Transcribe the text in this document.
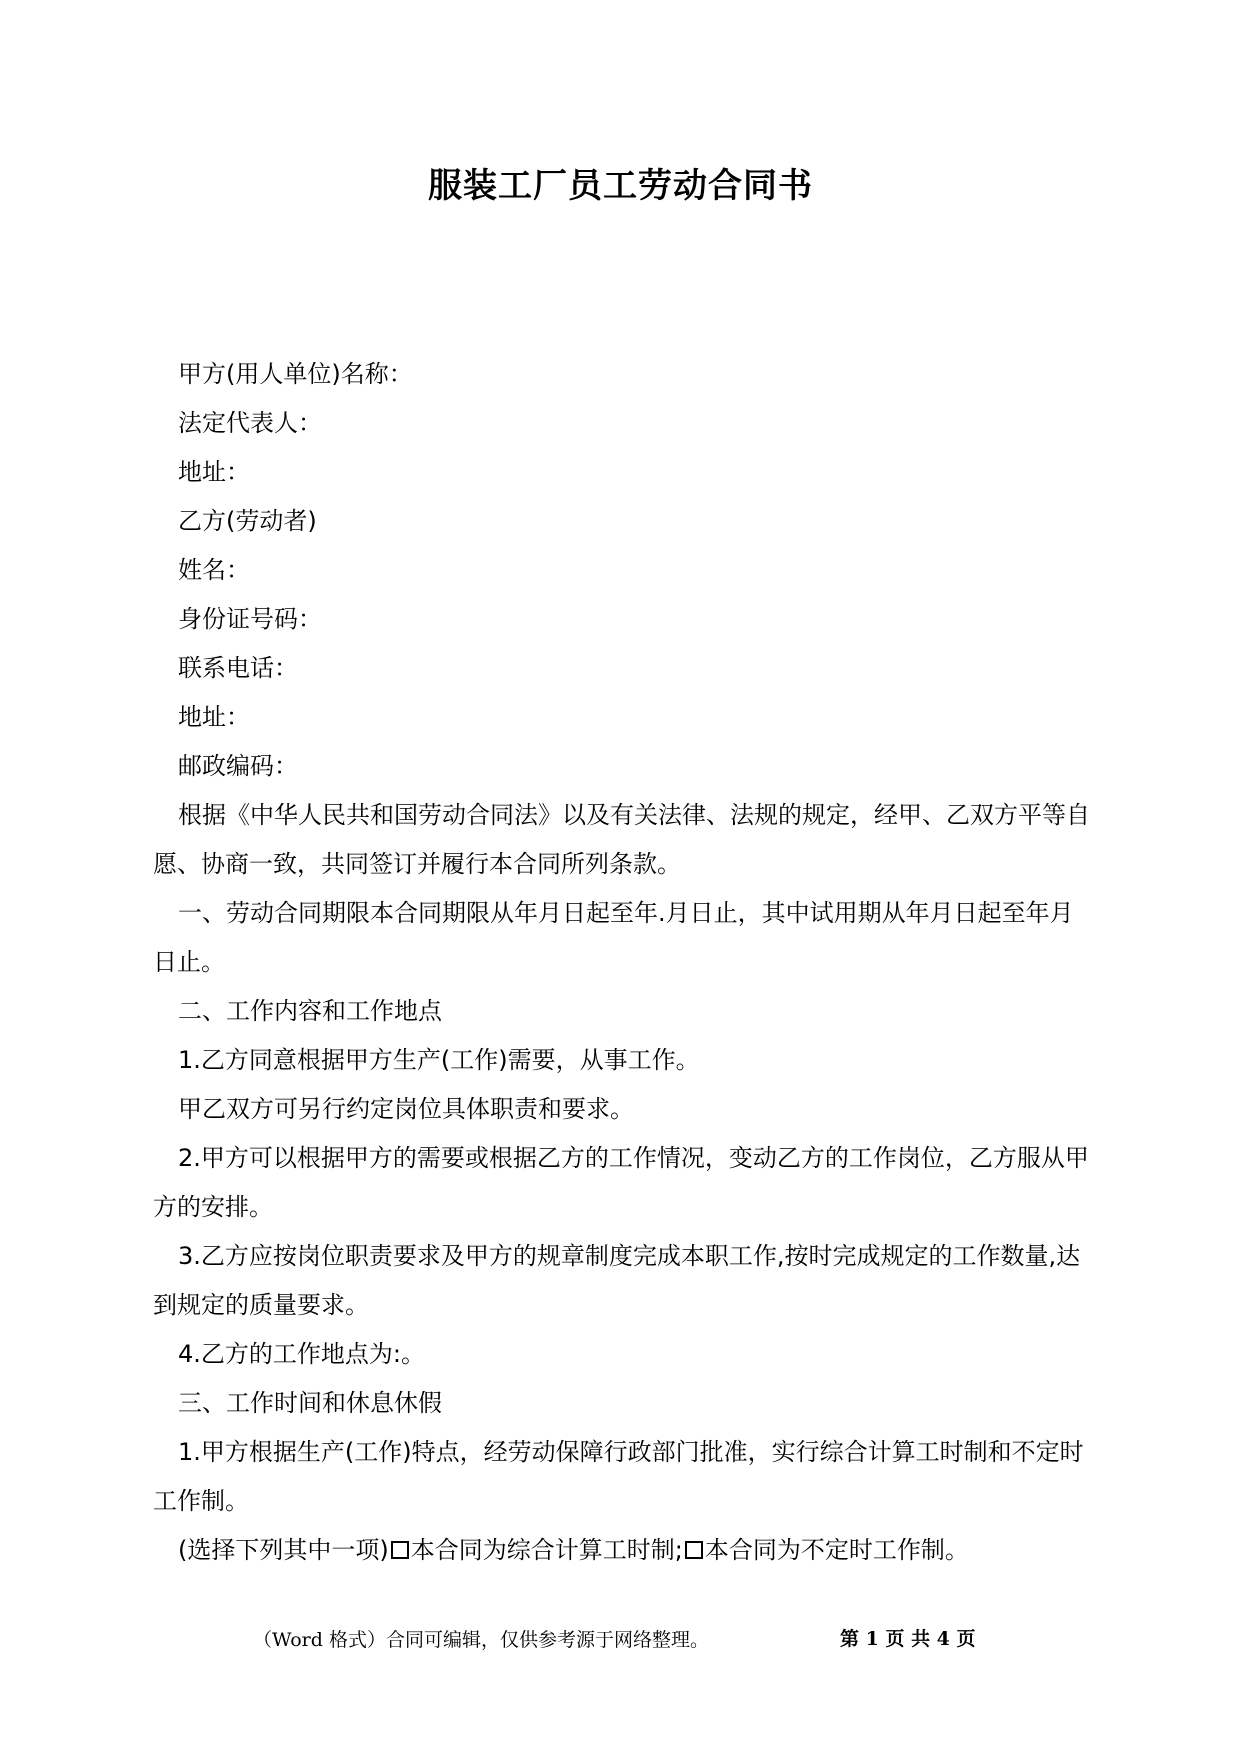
服装工厂员工劳动合同书

甲方(用人单位)名称：

法定代表人：

地址：

乙方(劳动者)

姓名：

身份证号码：

联系电话：

地址：

邮政编码：

根据《中华人民共和国劳动合同法》以及有关法律、法规的规定，经甲、乙双方平等自愿、协商一致，共同签订并履行本合同所列条款。

一、劳动合同期限本合同期限从年月日起至年.月日止，其中试用期从年月日起至年月日止。

二、工作内容和工作地点

1.乙方同意根据甲方生产(工作)需要，从事工作。

甲乙双方可另行约定岗位具体职责和要求。

2.甲方可以根据甲方的需要或根据乙方的工作情况，变动乙方的工作岗位，乙方服从甲方的安排。

3.乙方应按岗位职责要求及甲方的规章制度完成本职工作,按时完成规定的工作数量,达到规定的质量要求。

4.乙方的工作地点为:。

三、工作时间和休息休假

1.甲方根据生产(工作)特点，经劳动保障行政部门批准，实行综合计算工时制和不定时工作制。

(选择下列其中一项) 本合同为综合计算工时制; 本合同为不定时工作制。

（Word 格式）合同可编辑，仅供参考源于网络整理。	第 1 页 共 4 页
